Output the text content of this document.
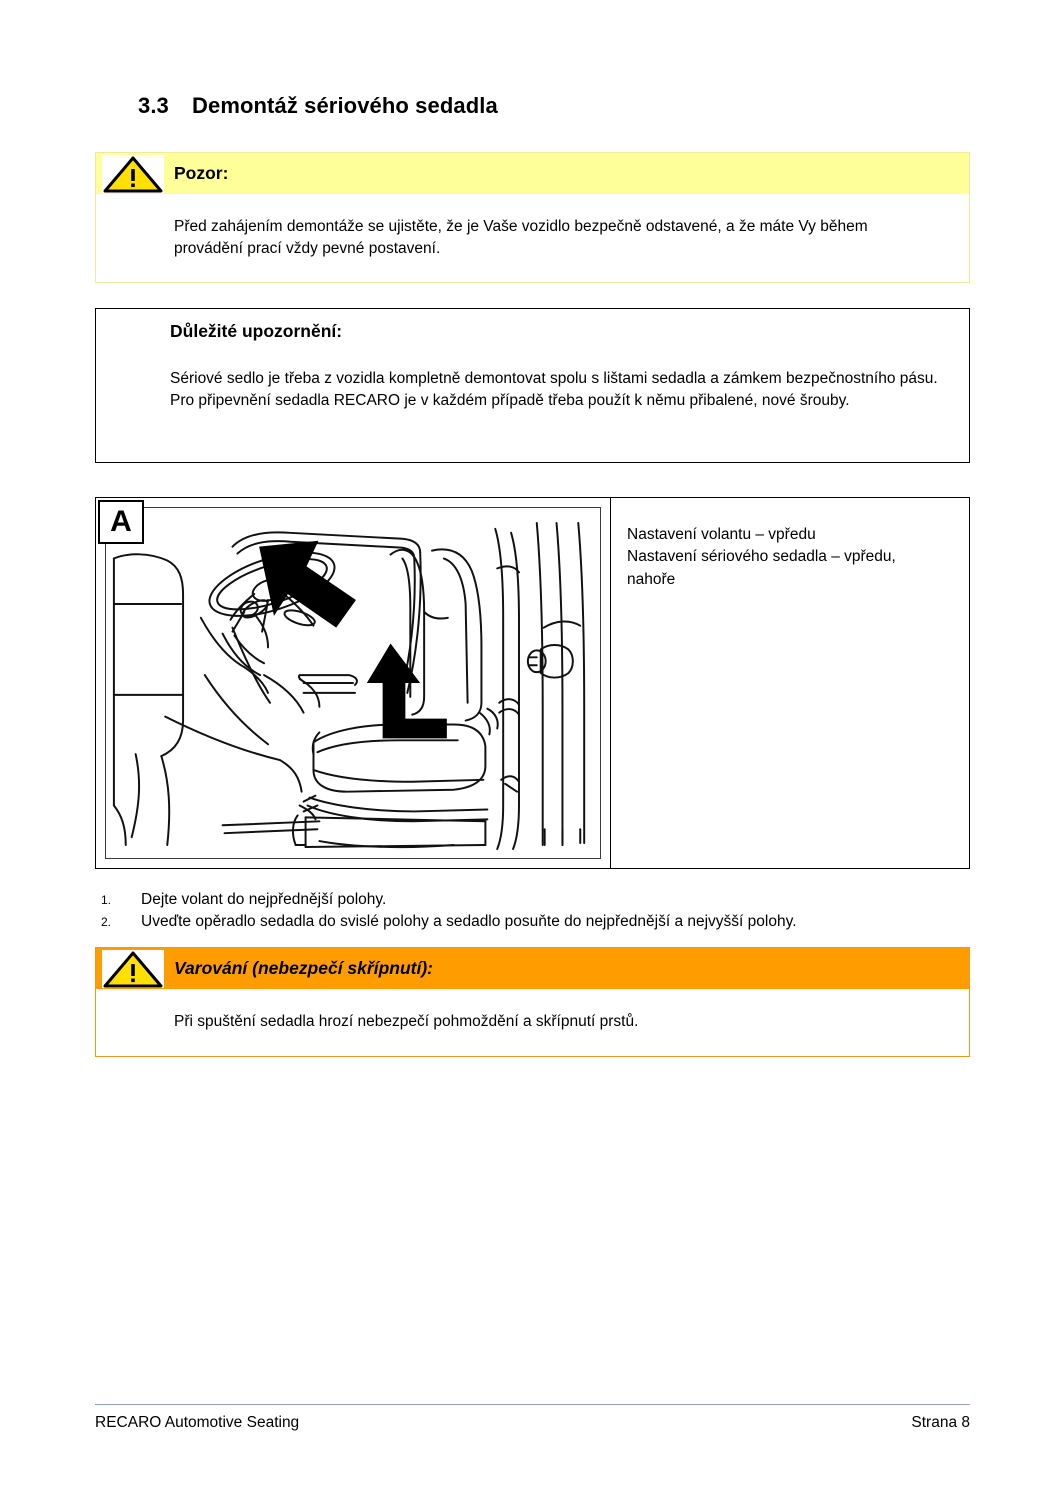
3.3 Demontáž sériového sedadla
Pozor:
Před zahájením demontáže se ujistěte, že je Vaše vozidlo bezpečně odstavené, a že máte Vy během provádění prací vždy pevné postavení.
Důležité upozornění:
Sériové sedlo je třeba z vozidla kompletně demontovat spolu s lištami sedadla a zámkem bezpečnostního pásu.
Pro připevnění sedadla RECARO je v každém případě třeba použít k němu přibalené, nové šrouby.
A	Nastavení volantu – vpředu
Nastavení sériového sedadla – vpředu,
nahoře
1.	Dejte volant do nejpřednější polohy.
2.	Uveďte opěradlo sedadla do svislé polohy a sedadlo posuňte do nejpřednější a nejvyšší polohy.
Varování (nebezpečí skřípnutí):
Při spuštění sedadla hrozí nebezpečí pohmoždění a skřípnutí prstů.
RECARO Automotive Seating	Strana 8
